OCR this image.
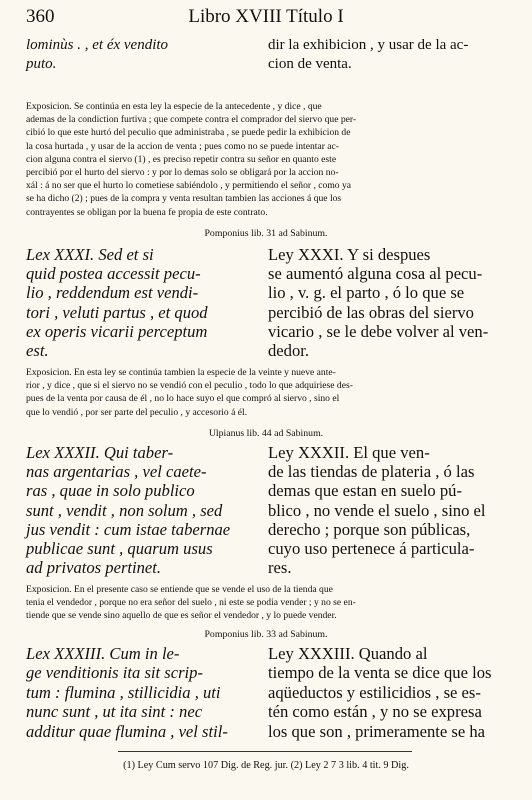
360	Libro XVIII Título I
lominùs . , et éx vendito
puto.
dir la exhibicion , y usar de la ac-
cion de venta.
Exposicion. Se continúa en esta ley la especie de la antecedente , y dice , que
ademas de la condiction furtiva ; que compete contra el comprador del siervo que per-
cibió lo que este hurtó del peculio que administraba , se puede pedir la exhibicion de
la cosa hurtada , y usar de la accion de venta ; pues como no se puede intentar ac-
cion alguna contra el siervo (1) , es preciso repetir contra su señor en quanto este
percibió por el hurto del siervo : y por lo demas solo se obligará por la accion no-
xál : á no ser que el hurto lo cometiese sabiéndolo , y permitiendo el señor , como ya
se ha dicho (2) ; pues de la compra y venta resultan tambien las acciones á que los
contrayentes se obligan por la buena fe propia de este contrato.
Pomponius lib. 31 ad Sabinum.
Lex XXXI. Sed et si
quid postea accessit pecu-
lio , reddendum est vendi-
tori , veluti partus , et quod
ex operis vicarii perceptum
est.
Ley XXXI. Y si despues
se aumentó alguna cosa al pecu-
lio , v. g. el parto , ó lo que se
percibió de las obras del siervo
vicario , se le debe volver al ven-
dedor.
Exposicion. En esta ley se continúa tambien la especie de la veinte y nueve ante-
rior , y dice , que si el siervo no se vendió con el peculio , todo lo que adquiriese des-
pues de la venta por causa de él , no lo hace suyo el que compró al siervo , sino el
que lo vendió , por ser parte del peculio , y accesorio á él.
Ulpianus lib. 44 ad Sabinum.
Lex XXXII. Qui taber-
nas argentarias , vel caete-
ras , quae in solo publico
sunt , vendit , non solum , sed
jus vendit : cum istae tabernae
publicae sunt , quarum usus
ad privatos pertinet.
Ley XXXII. El que ven-
de las tiendas de plateria , ó las
demas que estan en suelo pú-
blico , no vende el suelo , sino el
derecho ; porque son públicas,
cuyo uso pertenece á particula-
res.
Exposicion. En el presente caso se entiende que se vende el uso de la tienda que
tenia el vendedor , porque no era señor del suelo , ni este se podia vender ; y no se en-
tiende que se vende sino aquello de que es señor el vendedor , y lo puede vender.
Pomponius lib. 33 ad Sabinum.
Lex XXXIII. Cum in le-
ge venditionis ita sit scrip-
tum : flumina , stillicidia , uti
nunc sunt , ut ita sint : nec
additur quae flumina , vel stil-
Ley XXXIII. Quando al
tiempo de la venta se dice que los
aqüeductos y estilicidios , se es-
tén como están , y no se expresa
los que son , primeramente se ha
(1) Ley Cum servo 107 Dig. de Reg. jur. (2) Ley 2 7 3 lib. 4 tit. 9 Dig.
